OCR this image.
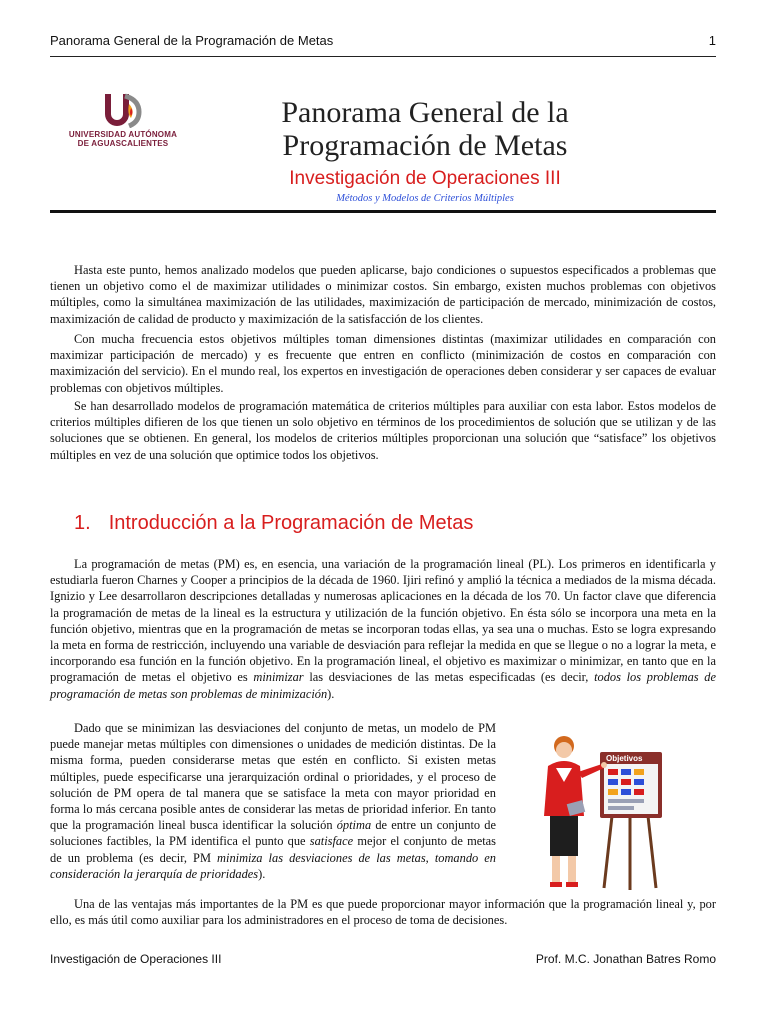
Panorama General de la Programación de Metas	1
UNIVERSIDAD AUTÓNOMA
DE AGUASCALIENTES
Panorama General de la
Programación de Metas
Investigación de Operaciones III
Métodos y Modelos de Criterios Múltiples

Hasta este punto, hemos analizado modelos que pueden aplicarse, bajo condiciones o supuestos especificados a problemas que tienen un objetivo como el de maximizar utilidades o minimizar costos. Sin embargo, existen muchos problemas con objetivos múltiples, como la simultánea maximización de las utilidades, maximización de participación de mercado, minimización de costos, maximización de calidad de producto y maximización de la satisfacción de los clientes.

Con mucha frecuencia estos objetivos múltiples toman dimensiones distintas (maximizar utilidades en comparación con maximizar participación de mercado) y es frecuente que entren en conflicto (minimización de costos en comparación con maximización del servicio). En el mundo real, los expertos en investigación de operaciones deben considerar y ser capaces de evaluar problemas con objetivos múltiples.

Se han desarrollado modelos de programación matemática de criterios múltiples para auxiliar con esta labor. Estos modelos de criterios múltiples difieren de los que tienen un solo objetivo en términos de los procedimientos de solución que se utilizan y de las soluciones que se obtienen. En general, los modelos de criterios múltiples proporcionan una solución que “satisface” los objetivos múltiples en vez de una solución que optimice todos los objetivos.

1. Introducción a la Programación de Metas

La programación de metas (PM) es, en esencia, una variación de la programación lineal (PL). Los primeros en identificarla y estudiarla fueron Charnes y Cooper a principios de la década de 1960. Ijiri refinó y amplió la técnica a mediados de la misma década. Ignizio y Lee desarrollaron descripciones detalladas y numerosas aplicaciones en la década de los 70. Un factor clave que diferencia la programación de metas de la lineal es la estructura y utilización de la función objetivo. En ésta sólo se incorpora una meta en la función objetivo, mientras que en la programación de metas se incorporan todas ellas, ya sea una o muchas. Esto se logra expresando la meta en forma de restricción, incluyendo una variable de desviación para reflejar la medida en que se llegue o no a lograr la meta, e incorporando esa función en la función objetivo. En la programación lineal, el objetivo es maximizar o minimizar, en tanto que en la programación de metas el objetivo es minimizar las desviaciones de las metas especificadas (es decir, todos los problemas de programación de metas son problemas de minimización).

Dado que se minimizan las desviaciones del conjunto de metas, un modelo de PM puede manejar metas múltiples con dimensiones o unidades de medición distintas. De la misma forma, pueden considerarse metas que estén en conflicto. Si existen metas múltiples, puede especificarse una jerarquización ordinal o prioridades, y el proceso de solución de PM opera de tal manera que se satisface la meta con mayor prioridad en forma lo más cercana posible antes de considerar las metas de prioridad inferior. En tanto que la programación lineal busca identificar la solución óptima de entre un conjunto de soluciones factibles, la PM identifica el punto que satisface mejor el conjunto de metas de un problema (es decir, PM minimiza las desviaciones de las metas, tomando en consideración la jerarquía de prioridades).

Objetivos

Una de las ventajas más importantes de la PM es que puede proporcionar mayor información que la programación lineal y, por ello, es más útil como auxiliar para los administradores en el proceso de toma de decisiones.

Investigación de Operaciones III	Prof. M.C. Jonathan Batres Romo
